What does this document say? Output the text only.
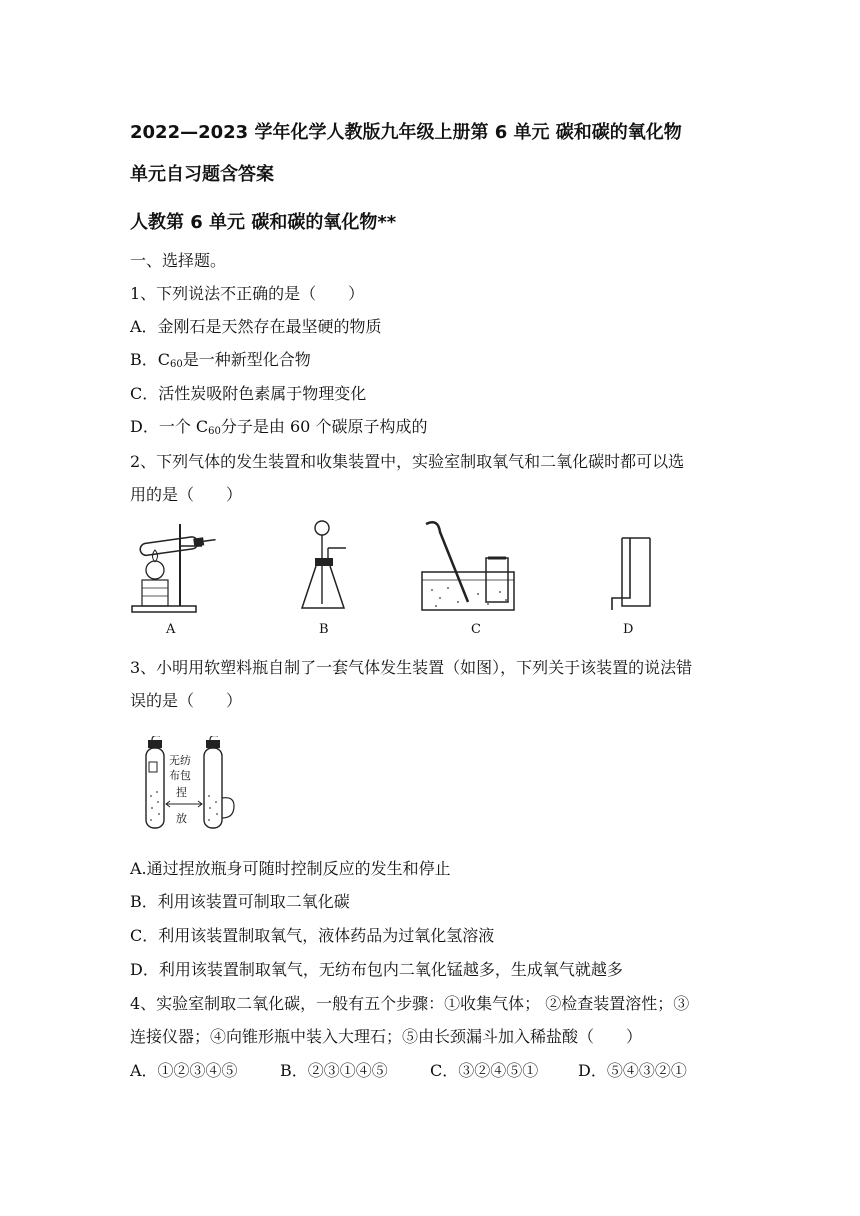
2022—2023 学年化学人教版九年级上册第 6 单元 碳和碳的氧化物
单元自习题含答案
人教第 6 单元 碳和碳的氧化物**
一、选择题。
1、下列说法不正确的是（　　）
A．金刚石是天然存在最坚硬的物质
B．$C_{60}$是一种新型化合物
C．活性炭吸附色素属于物理变化
D．一个 $C_{60}$分子是由 60 个碳原子构成的
2、下列气体的发生装置和收集装置中，实验室制取氧气和二氧化碳时都可以选
用的是（　　）
A	B	C	D
3、小明用软塑料瓶自制了一套气体发生装置（如图），下列关于该装置的说法错
误的是（　　）
无纺
布包
捏
放
A.通过捏放瓶身可随时控制反应的发生和停止
B．利用该装置可制取二氧化碳
C．利用该装置制取氧气，液体药品为过氧化氢溶液
D．利用该装置制取氧气，无纺布包内二氧化锰越多，生成氧气就越多
4、实验室制取二氧化碳，一般有五个步骤：①收集气体； ②检查装置溶性；③
连接仪器；④向锥形瓶中装入大理石；⑤由长颈漏斗加入稀盐酸（　　）
A．①②③④⑤	B．②③①④⑤	C．③②④⑤① D．⑤④③②①
